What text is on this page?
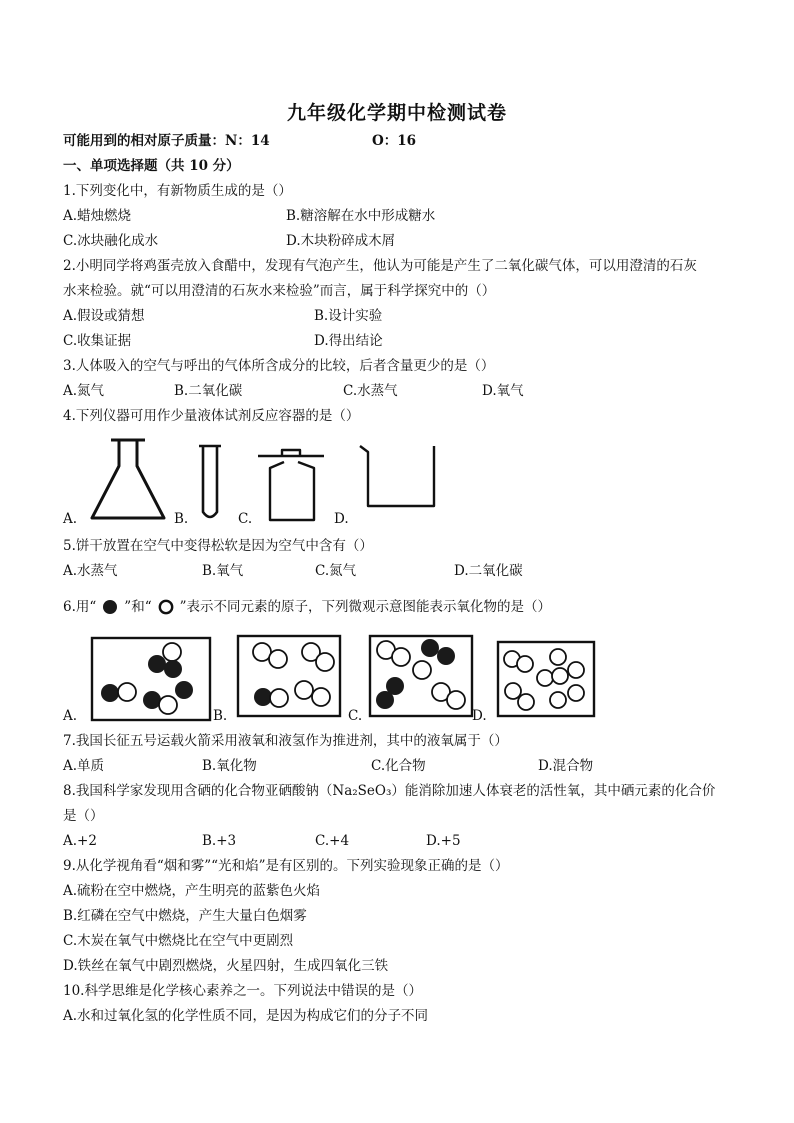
九年级化学期中检测试卷
可能用到的相对原子质量：N：14	O：16
一、单项选择题（共 10 分）
1.下列变化中，有新物质生成的是（）
A.蜡烛燃烧	B.糖溶解在水中形成糖水
C.冰块融化成水	D.木块粉碎成木屑
2.小明同学将鸡蛋壳放入食醋中，发现有气泡产生，他认为可能是产生了二氧化碳气体，可以用澄清的石灰
水来检验。就“可以用澄清的石灰水来检验”而言，属于科学探究中的（）
A.假设或猜想	B.设计实验
C.收集证据	D.得出结论
3.人体吸入的空气与呼出的气体所含成分的比较，后者含量更少的是（）
A.氮气	B.二氧化碳	C.水蒸气	D.氧气
4.下列仪器可用作少量液体试剂反应容器的是（）
A.	B.	C.	D.
5.饼干放置在空气中变得松软是因为空气中含有（）
A.水蒸气	B.氧气	C.氮气	D.二氧化碳
6.用“ ”和“ ”表示不同元素的原子，下列微观示意图能表示氧化物的是（）
A.	B.	C.	D.
7.我国长征五号运载火箭采用液氧和液氢作为推进剂，其中的液氧属于（）
A.单质	B.氧化物	C.化合物	D.混合物
8.我国科学家发现用含硒的化合物亚硒酸钠（Na₂SeO₃）能消除加速人体衰老的活性氧，其中硒元素的化合价
是（）
A.+2	B.+3	C.+4	D.+5
9.从化学视角看“烟和雾”“光和焰”是有区别的。下列实验现象正确的是（）
A.硫粉在空中燃烧，产生明亮的蓝紫色火焰
B.红磷在空气中燃烧，产生大量白色烟雾
C.木炭在氧气中燃烧比在空气中更剧烈
D.铁丝在氧气中剧烈燃烧，火星四射，生成四氧化三铁
10.科学思维是化学核心素养之一。下列说法中错误的是（）
A.水和过氧化氢的化学性质不同，是因为构成它们的分子不同
